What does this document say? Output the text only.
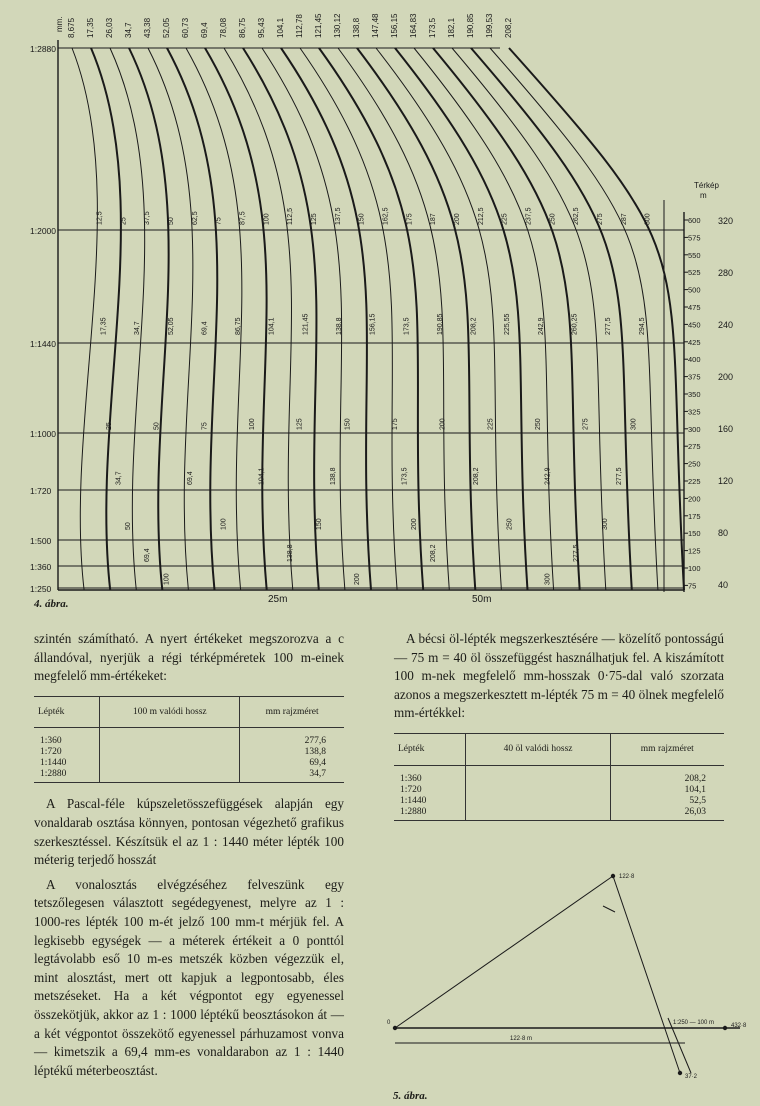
1:2880
1:2000
1:1440
1:1000
1:720
1:500
1:360
1:250
8,675 17,35 26,03 34,7 43,38 52,05 60,73 69,4 78,08 86,75 95,43 104,1 112,78 121,45 130,12 138,8 147,48 156,15 164,83 173,5 182,1 190,85 199,53 208,2
mm.
12,5 25 37,5 50 62,5 75 87,5 100 112,5 125 137,5 150 162,5 175 187 200 212,5 225 237,5 250 262,5 275 287 300
17,35	34,7	52,05	69,4	86,75	104,1	121,45	138,8	156,15	173,5	190,85	208,2	225,55	242,9	260,25	277,5	294,5
25	50	75	100	125	150	175	200	225	250	275	300
34,7	69,4	104,1	138,8	173,5	208,2	242,9	277,5
50	100	150	200	250	300
69,4	138,8	208,2	277,5
100	200	300
Térkép
m
600
575
550
525
500
475
450
425
400
375
350
325
300
275
250
225
200
175
150
125
100
75
320
280
240
200
160
120
80
40
25m	50m
4. ábra.

szintén számítható. A nyert értékeket megszorozva a c állandóval, nyerjük a régi térképméretek 100 m-einek megfelelő mm-értékeket:

Lépték	100 m valódi hossz	mm rajzméret
1:360		277,6
1:720		138,8
1:1440		69,4
1:2880		34,7

A Pascal-féle kúpszeletösszefüggések alapján egy vonaldarab osztása könnyen, pontosan végezhető grafikus szerkesztéssel. Készítsük el az 1 : 1440 méter lépték 100 méterig terjedő hosszát

A vonalosztás elvégzéséhez felveszünk egy tetszőlegesen választott segédegyenest, melyre az 1 : 1000-res lépték 100 m-ét jelző 100 mm-t mérjük fel. A legkisebb egységek — a méterek értékeit a 0 ponttól legtávolabb eső 10 m-es metszék közben végezzük el, mint alosztást, mert ott kapjuk a legpontosabb, éles metszéseket. Ha a két végpontot egy egyenessel összekötjük, akkor az 1 : 1000 léptékű beosztásokon át — a két végpontot összekötő egyenessel párhuzamost vonva — kimetszik a 69,4 mm-es vonaldarabon az 1 : 1440 léptékű méterbeosztást.

A bécsi öl-lépték megszerkesztésére — közelítő pontosságú — 75 m = 40 öl összefüggést használhatjuk fel. A kiszámított 100 m-nek megfelelő mm-hosszak 0·75-dal való szorzata azonos a megszerkesztett m-lépték 75 m = 40 ölnek megfelelő mm-értékkel:

Lépték	40 öl valódi hossz	mm rajzméret
1:360		208,2
1:720		104,1
1:1440		52,5
1:2880		26,03
122·8
0	1:250 — 100 m	432·8
122·8 m
37·2
5. ábra.
